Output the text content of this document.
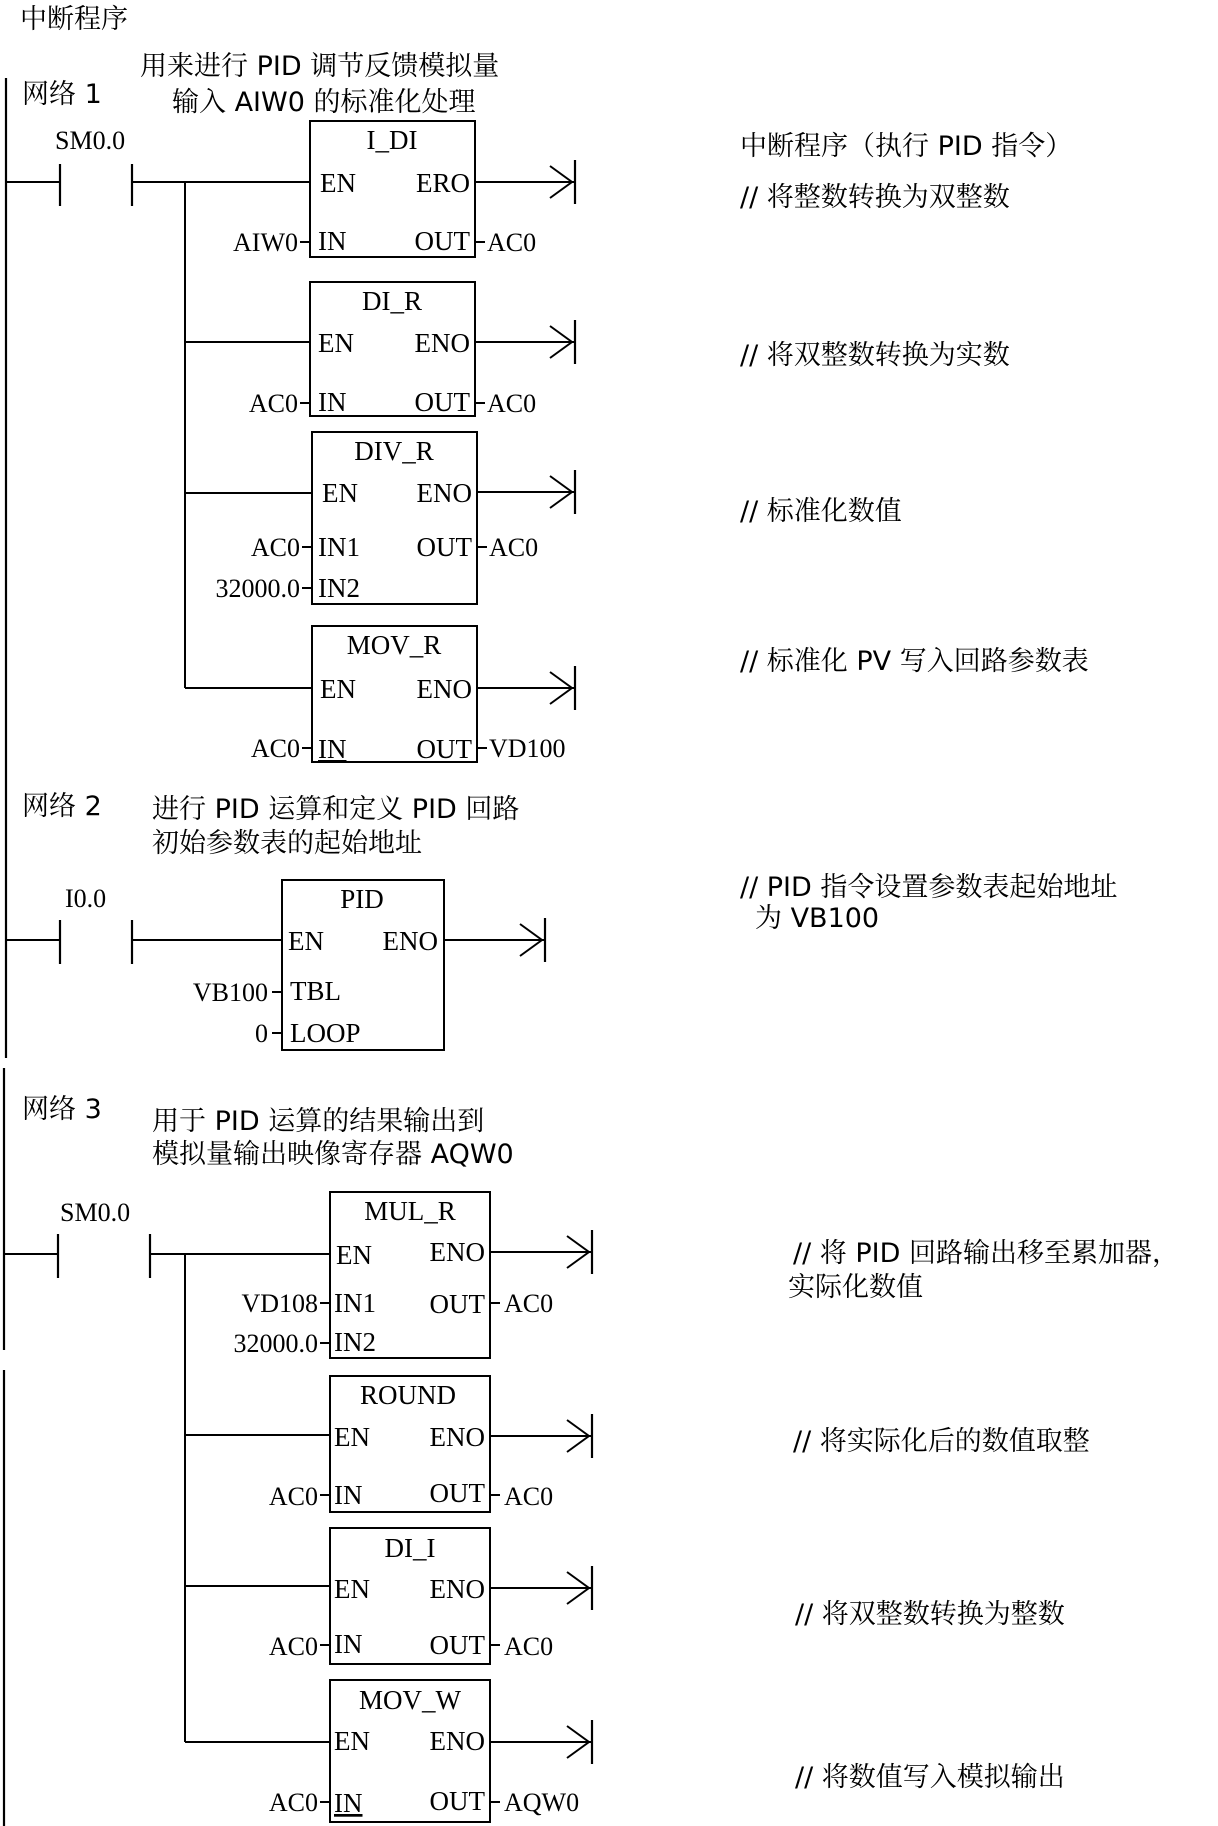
中断程序
中断程序（执行 PID 指令）
网络 1
用来进行 PID 调节反馈模拟量
输入 AIW0 的标准化处理
SM0.0	I_DI
EN ERO
IN	OUT
AIW0	AC0
// 将整数转换为双整数
DI_R
EN ENO
IN	OUT
AC0	AC0
// 将双整数转换为实数
DIV_R
EN ENO
IN1 OUT
IN2
AC0
32000.0
AC0
// 标准化数值
MOV_R
EN ENO
IN	OUT
AC0	VD100
// 标准化 PV 写入回路参数表
网络 2 进行 PID 运算和定义 PID 回路
初始参数表的起始地址
I0.0	PID
EN ENO
TBL
LOOP
VB100
0
// PID 指令设置参数表起始地址
为 VB100
网络 3 用于 PID 运算的结果输出到
模拟量输出映像寄存器 AQW0
SM0.0	MUL_R
EN ENO
IN1 OUT
IN2
VD108
32000.0
AC0
// 将 PID 回路输出移至累加器，
实际化数值
ROUND
EN ENO
IN OUT
AC0	AC0
// 将实际化后的数值取整
DI_I
EN ENO
IN OUT
AC0	AC0
// 将双整数转换为整数
MOV_W
EN ENO
IN OUT
AC0	AQW0
// 将数值写入模拟输出
